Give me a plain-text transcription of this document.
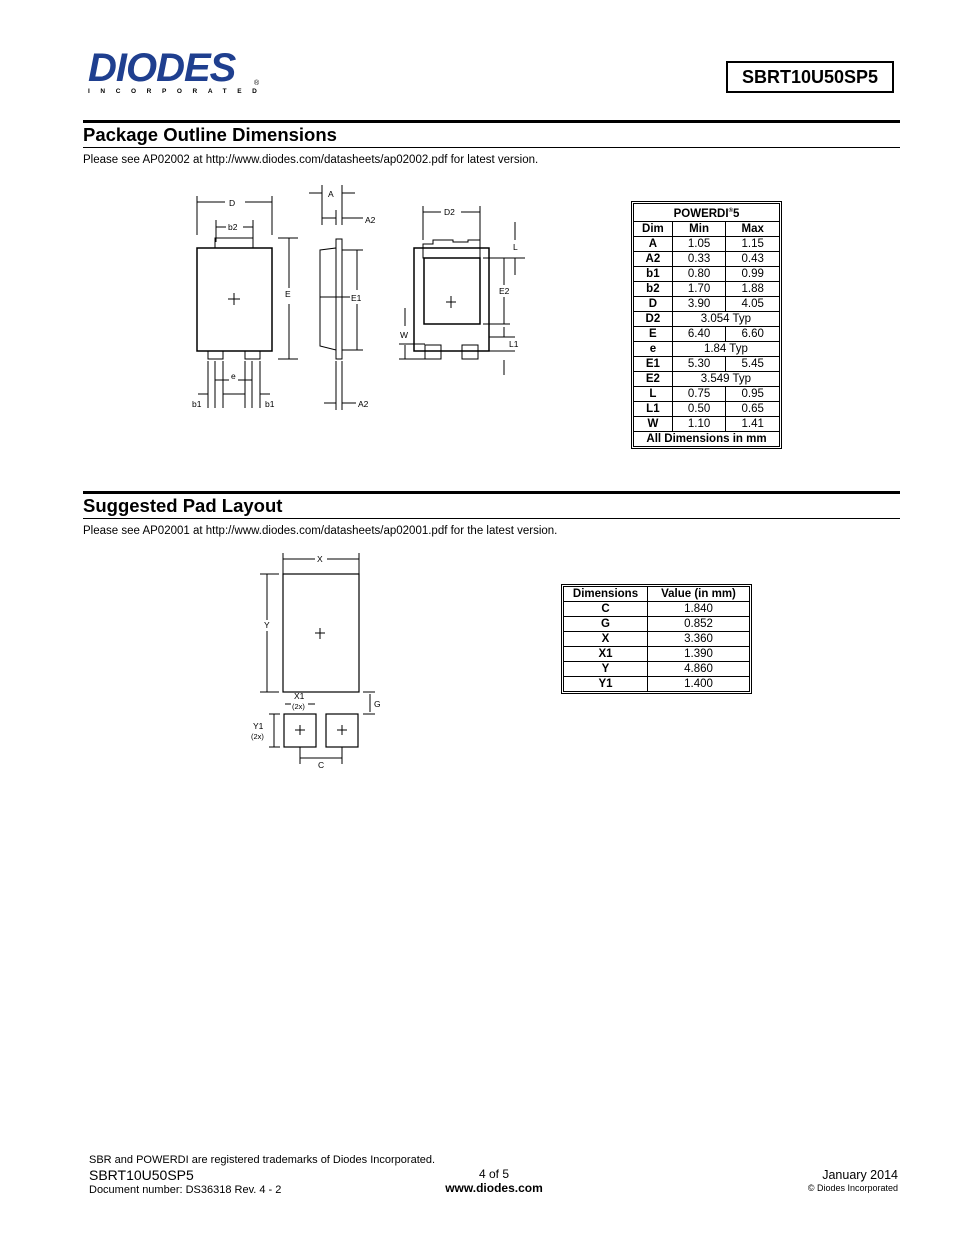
DIODES
INCORPORATED
®	SBRT10U50SP5
Package Outline Dimensions
Please see AP02002 at http://www.diodes.com/datasheets/ap02002.pdf for latest version.
D
b2
E
e
b1	b1
A
A2
E1
A2
D2
E2
L
L1
W
POWERDI®5		
Dim	Min	Max
A	1.05	1.15
A2	0.33	0.43
b1	0.80	0.99
b2	1.70	1.88
D	3.90	4.05
D2	3.054 Typ	
E	6.40	6.60
e	1.84 Typ	
E1	5.30	5.45
E2	3.549 Typ	
L	0.75	0.95
L1	0.50	0.65
W	1.10	1.41
All Dimensions in mm		
Suggested Pad Layout
Please see AP02001 at http://www.diodes.com/datasheets/ap02001.pdf for the latest version.
X
Y
X1
(2x)	G
Y1
(2x)
C
Dimensions	Value (in mm)
C	1.840
G	0.852
X	3.360
X1	1.390
Y	4.860
Y1	1.400
SBR and POWERDI are registered trademarks of Diodes Incorporated.
SBRT10U50SP5
Document number: DS36318 Rev. 4 - 2
4 of 5
www.diodes.com
January 2014
© Diodes Incorporated
